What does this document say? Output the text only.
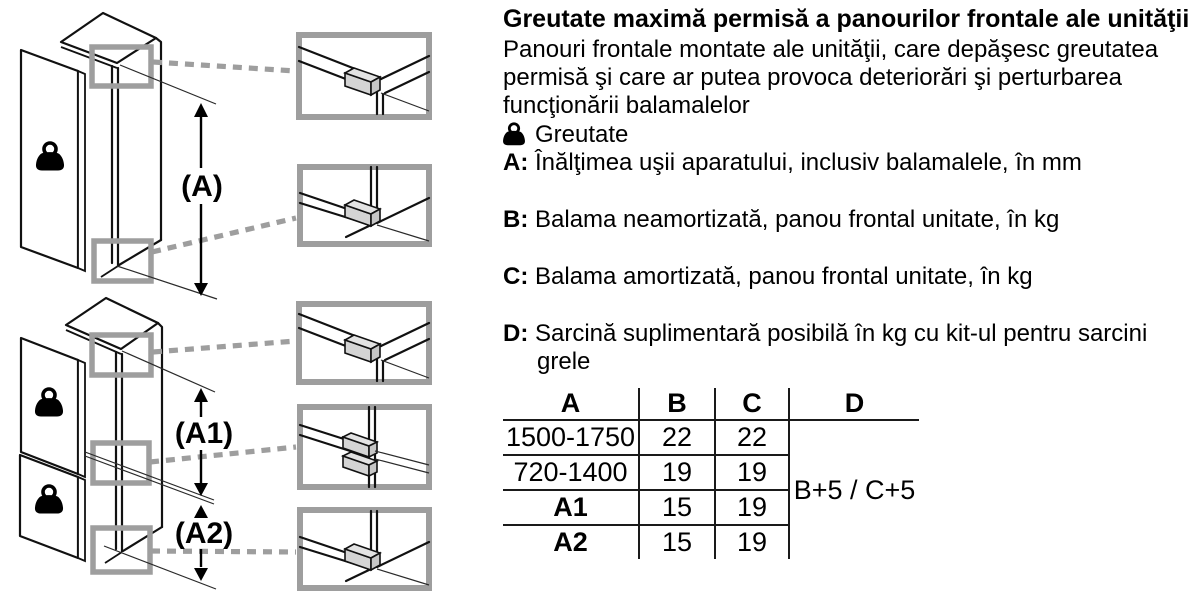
(A)
(A1)
(A2)

Greutate maximă permisă a panourilor frontale ale unităţii

Panouri frontale montate ale unităţii, care depăşesc greutatea permisă şi care ar putea provoca deteriorări şi perturbarea funcţionării balamalelor

Greutate
A: Înălţimea uşii aparatului, inclusiv balamalele, în mm
B: Balama neamortizată, panou frontal unitate, în kg
C: Balama amortizată, panou frontal unitate, în kg
D: Sarcină suplimentară posibilă în kg cu kit-ul pentru sarcini grele
A	B	C	D
1500-1750	22	22	B+5 / C+5
720-1400	19	19	
A1	15	19	
A2	15	19	
